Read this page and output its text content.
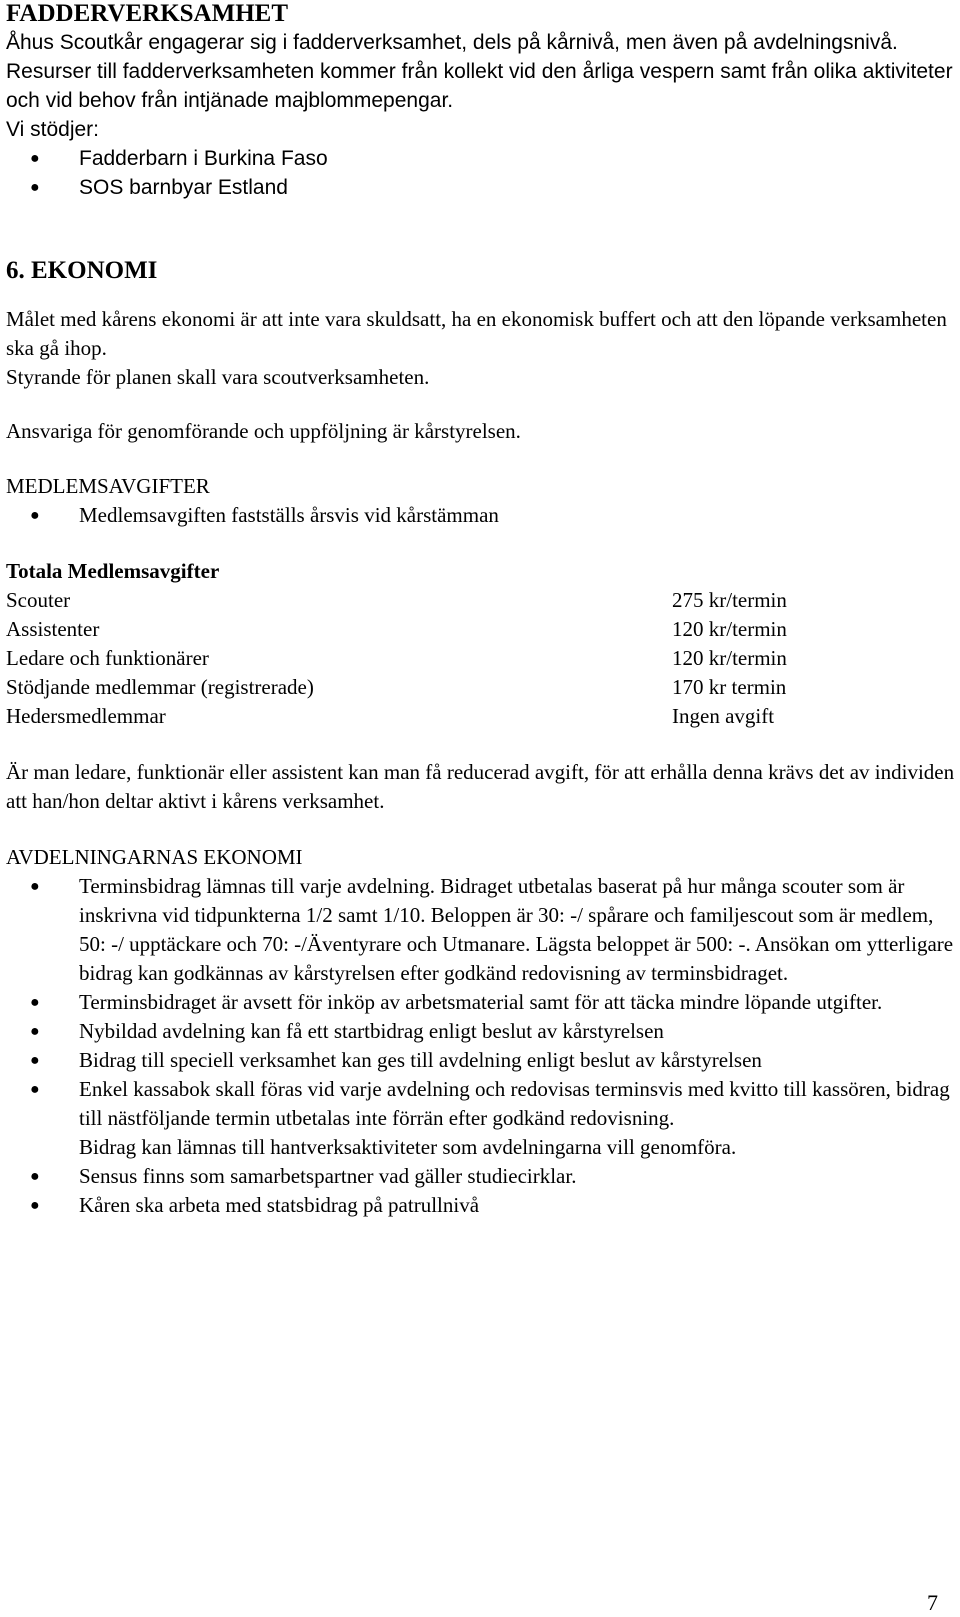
FADDERVERKSAMHET

Åhus Scoutkår engagerar sig i fadderverksamhet, dels på kårnivå, men även på avdelningsnivå.

Resurser till fadderverksamheten kommer från kollekt vid den årliga vespern samt från olika aktiviteter och vid behov från intjänade majblommepengar.

Vi stödjer:

● Fadderbarn i Burkina Faso
● SOS barnbyar Estland
6. EKONOMI

Målet med kårens ekonomi är att inte vara skuldsatt, ha en ekonomisk buffert och att den löpande verksamheten ska gå ihop.

Styrande för planen skall vara scoutverksamheten.

Ansvariga för genomförande och uppföljning är kårstyrelsen.

MEDLEMSAVGIFTER
● Medlemsavgiften fastställs årsvis vid kårstämman
Totala Medlemsavgifter
Scouter	275 kr/termin
Assistenter	120 kr/termin
Ledare och funktionärer	120 kr/termin
Stödjande medlemmar (registrerade)	170 kr termin
Hedersmedlemmar	Ingen avgift

Är man ledare, funktionär eller assistent kan man få reducerad avgift, för att erhålla denna krävs det av individen att han/hon deltar aktivt i kårens verksamhet.

AVDELNINGARNAS EKONOMI
● Terminsbidrag lämnas till varje avdelning. Bidraget utbetalas baserat på hur många scouter som är inskrivna vid tidpunkterna 1/2 samt 1/10. Beloppen är 30: -/ spårare och familjescout som är medlem, 50: -/ upptäckare och 70: -/Äventyrare och Utmanare. Lägsta beloppet är 500: -. Ansökan om ytterligare bidrag kan godkännas av kårstyrelsen efter godkänd redovisning av terminsbidraget.
● Terminsbidraget är avsett för inköp av arbetsmaterial samt för att täcka mindre löpande utgifter.
● Nybildad avdelning kan få ett startbidrag enligt beslut av kårstyrelsen
● Bidrag till speciell verksamhet kan ges till avdelning enligt beslut av kårstyrelsen
● Enkel kassabok skall föras vid varje avdelning och redovisas terminsvis med kvitto till kassören, bidrag till nästföljande termin utbetalas inte förrän efter godkänd redovisning.
Bidrag kan lämnas till hantverksaktiviteter som avdelningarna vill genomföra.
● Sensus finns som samarbetspartner vad gäller studiecirklar.
● Kåren ska arbeta med statsbidrag på patrullnivå
7
